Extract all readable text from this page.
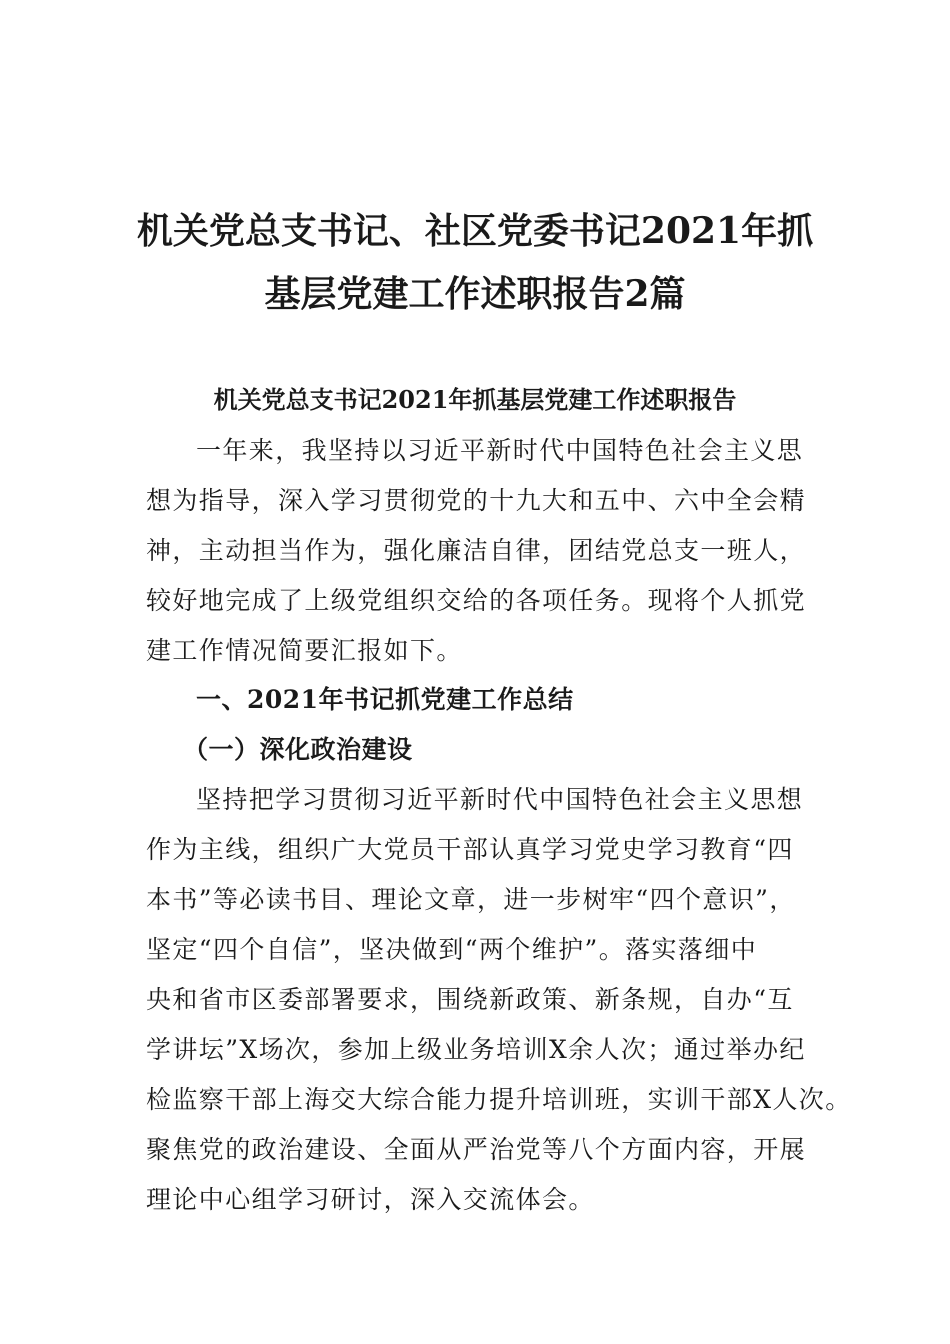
机关党总支书记、社区党委书记2021年抓
基层党建工作述职报告2篇
机关党总支书记2021年抓基层党建工作述职报告
一年来，我坚持以习近平新时代中国特色社会主义思
想为指导，深入学习贯彻党的十九大和五中、六中全会精
神，主动担当作为，强化廉洁自律，团结党总支一班人，
较好地完成了上级党组织交给的各项任务。现将个人抓党
建工作情况简要汇报如下。
一、2021年书记抓党建工作总结
（一）深化政治建设
坚持把学习贯彻习近平新时代中国特色社会主义思想
作为主线，组织广大党员干部认真学习党史学习教育“四
本书”等必读书目、理论文章，进一步树牢“四个意识”，
坚定“四个自信”，坚决做到“两个维护”。落实落细中
央和省市区委部署要求，围绕新政策、新条规，自办“互
学讲坛”X场次，参加上级业务培训X余人次；通过举办纪
检监察干部上海交大综合能力提升培训班，实训干部X人次。
聚焦党的政治建设、全面从严治党等八个方面内容，开展
理论中心组学习研讨，深入交流体会。
